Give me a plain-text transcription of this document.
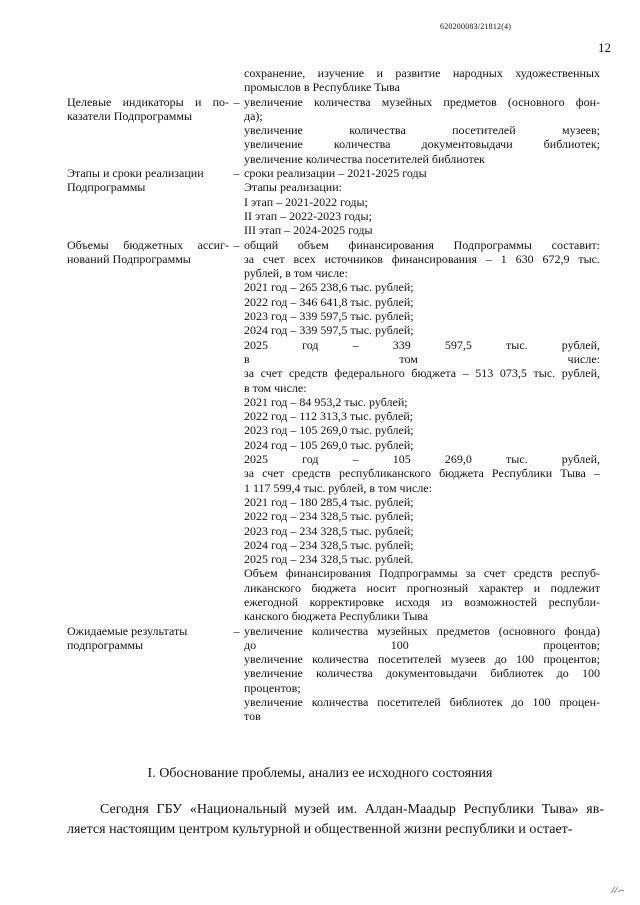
620200083/21812(4)
12
сохранение, изучение и развитие народных художественных
промыслов в Республике Тыва
Целевые индикаторы и по-
казатели Подпрограммы
– увеличение количества музейных предметов (основного фон-
да);
увеличение количества посетителей музеев;
увеличение количества документовыдачи библиотек;
увеличение количества посетителей библиотек
Этапы и сроки реализации
Подпрограммы
– сроки реализации – 2021-2025 годы
Этапы реализации:
I этап – 2021-2022 годы;
II этап – 2022-2023 годы;
III этап – 2024-2025 годы
Объемы бюджетных ассиг-
нований Подпрограммы
– общий объем финансирования Подпрограммы составит:
за счет всех источников финансирования – 1 630 672,9 тыс.
рублей, в том числе:
2021 год – 265 238,6 тыс. рублей;
2022 год – 346 641,8 тыс. рублей;
2023 год – 339 597,5 тыс. рублей;
2024 год – 339 597,5 тыс. рублей;
2025 год – 339 597,5 тыс. рублей,
в том числе:
за счет средств федерального бюджета – 513 073,5 тыс. рублей,
в том числе:
2021 год – 84 953,2 тыс. рублей;
2022 год – 112 313,3 тыс. рублей;
2023 год – 105 269,0 тыс. рублей;
2024 год – 105 269,0 тыс. рублей;
2025 год – 105 269,0 тыс. рублей,
за счет средств республиканского бюджета Республики Тыва –
1 117 599,4 тыс. рублей, в том числе:
2021 год – 180 285,4 тыс. рублей;
2022 год – 234 328,5 тыс. рублей;
2023 год – 234 328,5 тыс. рублей;
2024 год – 234 328,5 тыс. рублей;
2025 год – 234 328,5 тыс. рублей.
Объем финансирования Подпрограммы за счет средств респуб-
ликанского бюджета носит прогнозный характер и подлежит
ежегодной корректировке исходя из возможностей республи-
канского бюджета Республики Тыва
Ожидаемые результаты
подпрограммы
– увеличение количества музейных предметов (основного фонда)
до 100 процентов;
увеличение количества посетителей музеев до 100 процентов;
увеличение количества документовыдачи библиотек до 100
процентов;
увеличение количества посетителей библиотек до 100 процен-
тов
I. Обоснование проблемы, анализ ее исходного состояния
Сегодня ГБУ «Национальный музей им. Алдан-Маадыр Республики Тыва» яв-
ляется настоящим центром культурной и общественной жизни республики и остает-
